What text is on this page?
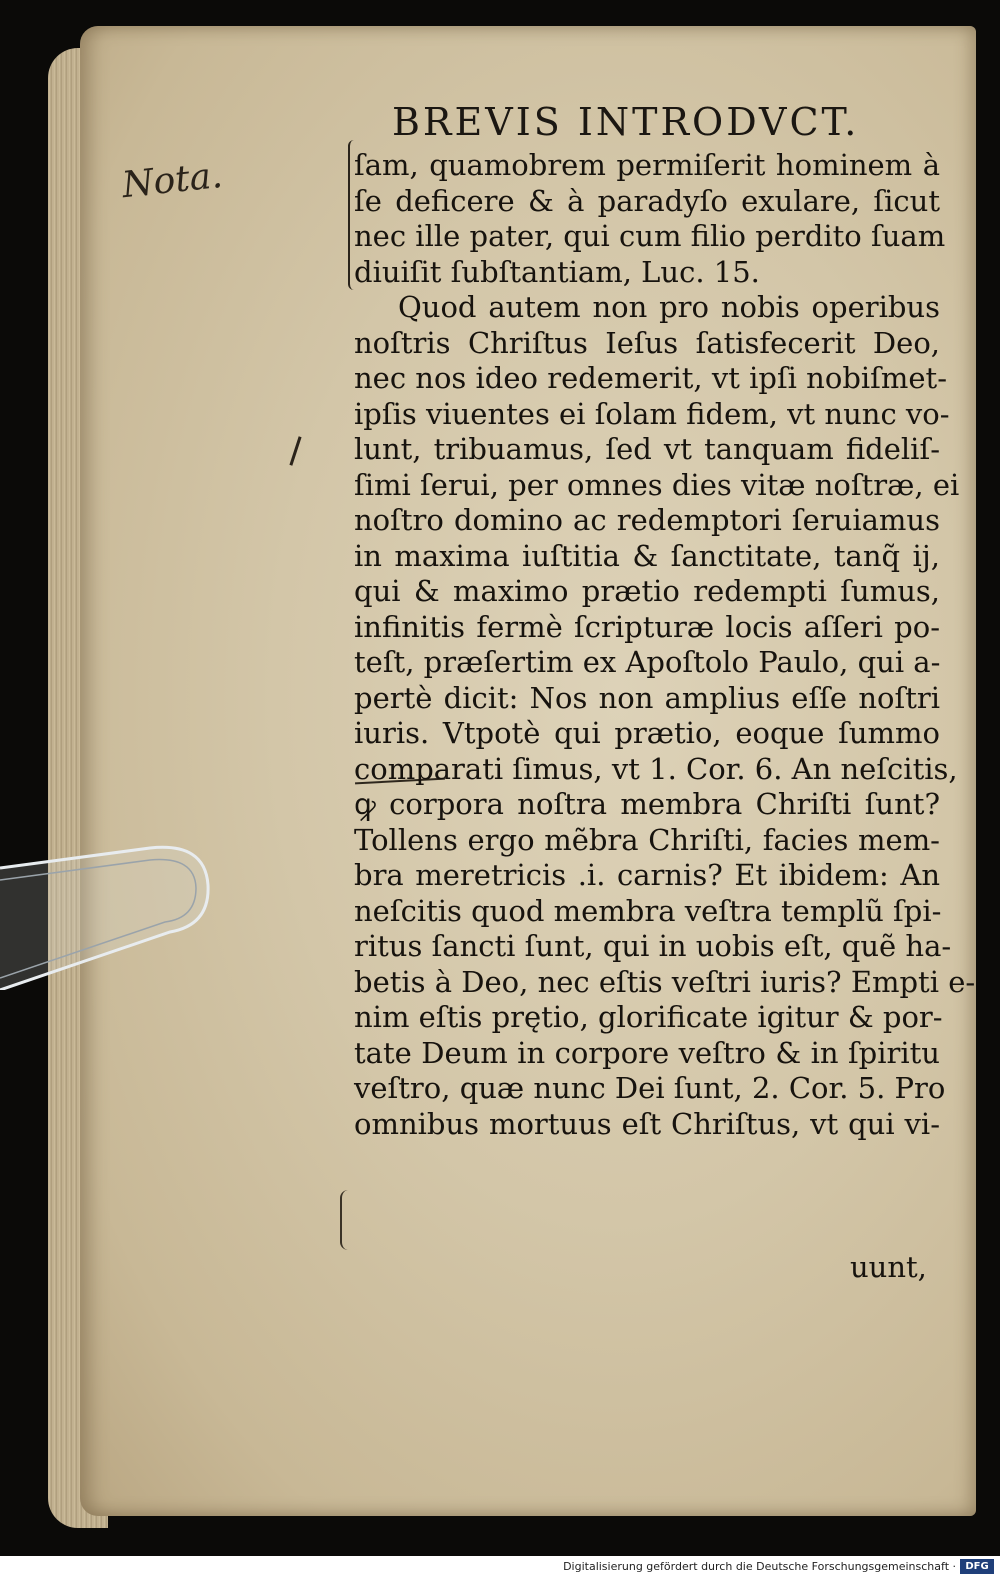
BREVIS INTRODVCT.
Nota.	ſam, quamobrem permiſerit hominem à
ſe deficere & à paradyſo exulare, ſicut
nec ille pater, qui cum filio perdito ſuam
diuiſit ſubſtantiam, Luc. 15.
Quod autem non pro nobis operibus
noſtris Chriſtus Ieſus ſatisfecerit Deo,
nec nos ideo redemerit, vt ipſi nobiſmet-
ipſis viuentes ei ſolam fidem, vt nunc vo-
lunt, tribuamus, ſed vt tanquam fideliſ-
ſimi ſerui, per omnes dies vitæ noſtræ, ei
noſtro domino ac redemptori ſeruiamus
in maxima iuſtitia & ſanctitate, tanq̃ ij,
qui & maximo prætio redempti ſumus,
infinitis fermè ſcripturæ locis aſſeri po-
teſt, præſertim ex Apoſtolo Paulo, qui a-
pertè dicit: Nos non amplius eſſe noſtri
iuris. Vtpotè qui prætio, eoque ſummo
comparati ſimus, vt 1. Cor. 6. An neſcitis,
ꝙ corpora noſtra membra Chriſti ſunt?
Tollens ergo mẽbra Chriſti, facies mem-
bra meretricis .i. carnis? Et ibidem: An
neſcitis quod membra veſtra templũ ſpi-
ritus ſancti ſunt, qui in uobis eſt, quẽ ha-
betis à Deo, nec eſtis veſtri iuris? Empti e-
nim eſtis prętio, glorificate igitur & por-
tate Deum in corpore veſtro & in ſpiritu
veſtro, quæ nunc Dei ſunt, 2. Cor. 5. Pro
omnibus mortuus eſt Chriſtus, vt qui vi-
uunt,
Digitalisierung gefördert durch die Deutsche Forschungsgemeinschaft · DFG
